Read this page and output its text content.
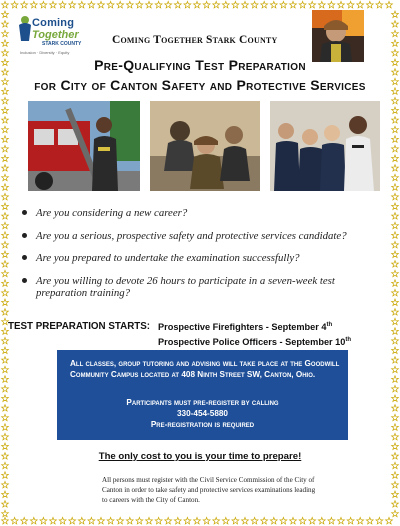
Coming
Together
STARK COUNTY
Inclusion · Diversity · Equity
Coming Together Stark County
Pre-Qualifying Test Preparation
for City of Canton Safety and Protective Services
Are you considering a new career?
Are you a serious, prospective safety and protective services candidate?
Are you prepared to undertake the examination successfully?
Are you willing to devote 26 hours to participate in a seven-week test preparation training?
TEST PREPARATION STARTS: Prospective Firefighters - September 4th
Prospective Police Officers - September 10th
All classes, group tutoring and advising will take place at the Goodwill Community Campus located at 408 Ninth Street SW, Canton, Ohio.
Participants must pre-register by calling
330-454-5880
Pre-registration is required
The only cost to you is your time to prepare!
All persons must register with the Civil Service Commission of the City of Canton in order to take safety and protective services examinations leading to careers with the City of Canton.
